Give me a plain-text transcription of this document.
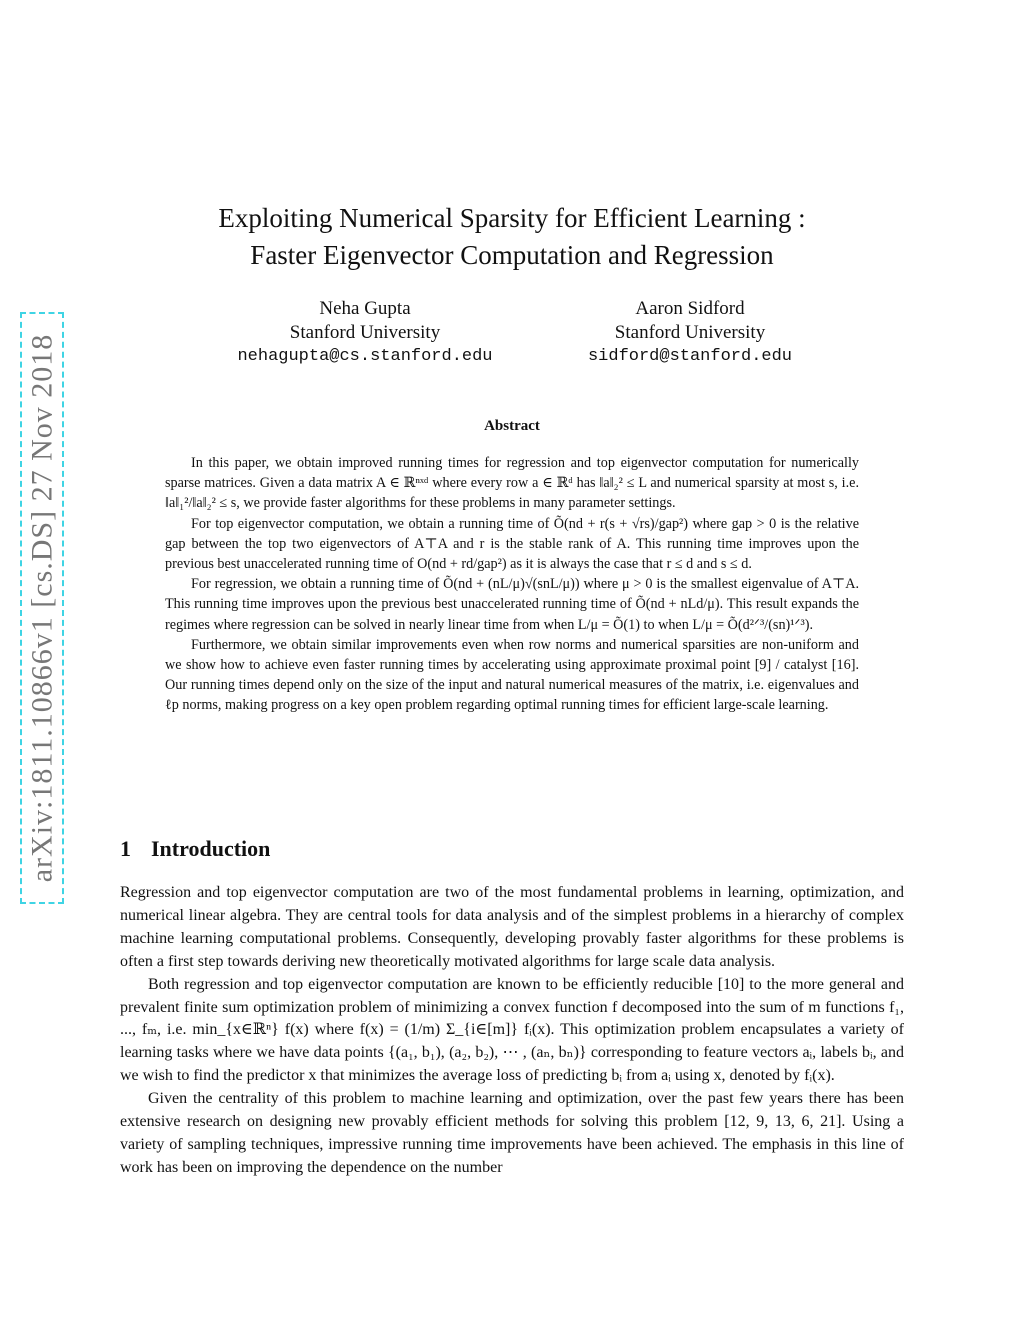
arXiv:1811.10866v1 [cs.DS] 27 Nov 2018
Exploiting Numerical Sparsity for Efficient Learning :
Faster Eigenvector Computation and Regression
Neha Gupta
Stanford University
nehagupta@cs.stanford.edu
Aaron Sidford
Stanford University
sidford@stanford.edu
Abstract

In this paper, we obtain improved running times for regression and top eigenvector computation for numerically sparse matrices. Given a data matrix A ∈ ℝⁿˣᵈ where every row a ∈ ℝᵈ has ‖a‖₂² ≤ L and numerical sparsity at most s, i.e. ‖a‖₁²/‖a‖₂² ≤ s, we provide faster algorithms for these problems in many parameter settings.

For top eigenvector computation, we obtain a running time of Õ(nd + r(s + √rs)/gap²) where gap > 0 is the relative gap between the top two eigenvectors of A⊤A and r is the stable rank of A. This running time improves upon the previous best unaccelerated running time of O(nd + rd/gap²) as it is always the case that r ≤ d and s ≤ d.

For regression, we obtain a running time of Õ(nd + (nL/μ)√(snL/μ)) where μ > 0 is the smallest eigenvalue of A⊤A. This running time improves upon the previous best unaccelerated running time of Õ(nd + nLd/μ). This result expands the regimes where regression can be solved in nearly linear time from when L/μ = Õ(1) to when L/μ = Õ(d²ᐟ³/(sn)¹ᐟ³).

Furthermore, we obtain similar improvements even when row norms and numerical sparsities are non-uniform and we show how to achieve even faster running times by accelerating using approximate proximal point [9] / catalyst [16]. Our running times depend only on the size of the input and natural numerical measures of the matrix, i.e. eigenvalues and ℓp norms, making progress on a key open problem regarding optimal running times for efficient large-scale learning.

1 Introduction

Regression and top eigenvector computation are two of the most fundamental problems in learning, optimization, and numerical linear algebra. They are central tools for data analysis and of the simplest problems in a hierarchy of complex machine learning computational problems. Consequently, developing provably faster algorithms for these problems is often a first step towards deriving new theoretically motivated algorithms for large scale data analysis.

Both regression and top eigenvector computation are known to be efficiently reducible [10] to the more general and prevalent finite sum optimization problem of minimizing a convex function f decomposed into the sum of m functions f₁, ..., fₘ, i.e. min_{x∈ℝⁿ} f(x) where f(x) = (1/m) Σ_{i∈[m]} fᵢ(x). This optimization problem encapsulates a variety of learning tasks where we have data points {(a₁, b₁), (a₂, b₂), ⋯ , (aₙ, bₙ)} corresponding to feature vectors aᵢ, labels bᵢ, and we wish to find the predictor x that minimizes the average loss of predicting bᵢ from aᵢ using x, denoted by fᵢ(x).

Given the centrality of this problem to machine learning and optimization, over the past few years there has been extensive research on designing new provably efficient methods for solving this problem [12, 9, 13, 6, 21]. Using a variety of sampling techniques, impressive running time improvements have been achieved. The emphasis in this line of work has been on improving the dependence on the number
